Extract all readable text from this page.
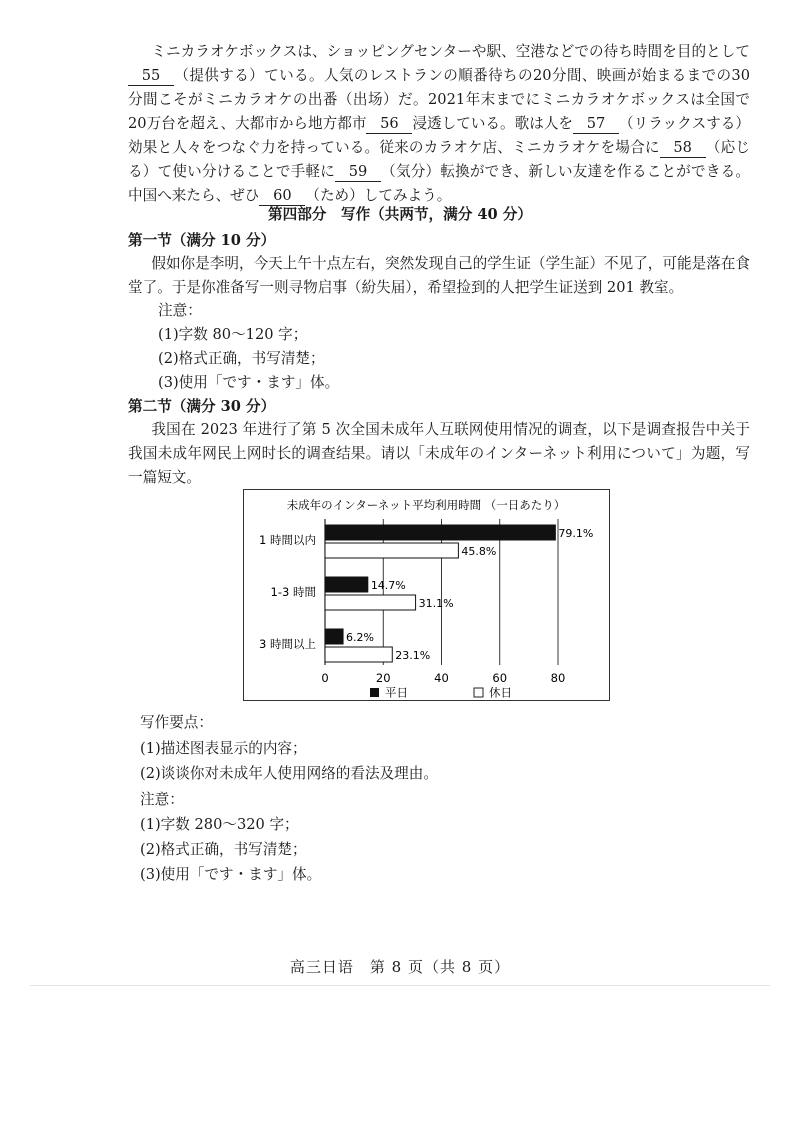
ミニカラオケボックスは、ショッピングセンターや駅、空港などでの待ち時間を目的として55 （提供する）ている。人気のレストランの順番待ちの20分間、映画が始まるまでの30分間こそがミニカラオケの出番（出场）だ。2021年末までにミニカラオケボックスは全国で20万台を超え、大都市から地方都市 56 浸透している。歌は人を 57 （リラックスする）効果と人々をつなぐ力を持っている。従来のカラオケ店、ミニカラオケを場合に 58 （応じる）て使い分けることで手軽に 59 （気分）転換ができ、新しい友達を作ることができる。中国へ来たら、ぜひ 60 （ため）してみよう。

第四部分　写作（共两节，满分 40 分）

第一节（满分 10 分）

假如你是李明，今天上午十点左右，突然发现自己的学生证（学生証）不见了，可能是落在食堂了。于是你准备写一则寻物启事（紛失届），希望捡到的人把学生证送到 201 教室。

注意：

(1)字数 80～120 字；

(2)格式正确，书写清楚；

(3)使用「です・ます」体。

第二节（满分 30 分）

我国在 2023 年进行了第 5 次全国未成年人互联网使用情况的调查，以下是调查报告中关于我国未成年网民上网时长的调查结果。请以「未成年のインターネット利用について」为题，写一篇短文。

未成年のインターネット平均利用時間 （一日あたり）
1 時間以内
1-3 時間
3 時間以上
79.1%
45.8%
14.7%
31.1%
6.2%
23.1%
0	20	40	60	80
平日	休日

写作要点：

(1)描述图表显示的内容；

(2)谈谈你对未成年人使用网络的看法及理由。

注意：

(1)字数 280～320 字；

(2)格式正确，书写清楚；

(3)使用「です・ます」体。

高三日语　第 8 页（共 8 页）
